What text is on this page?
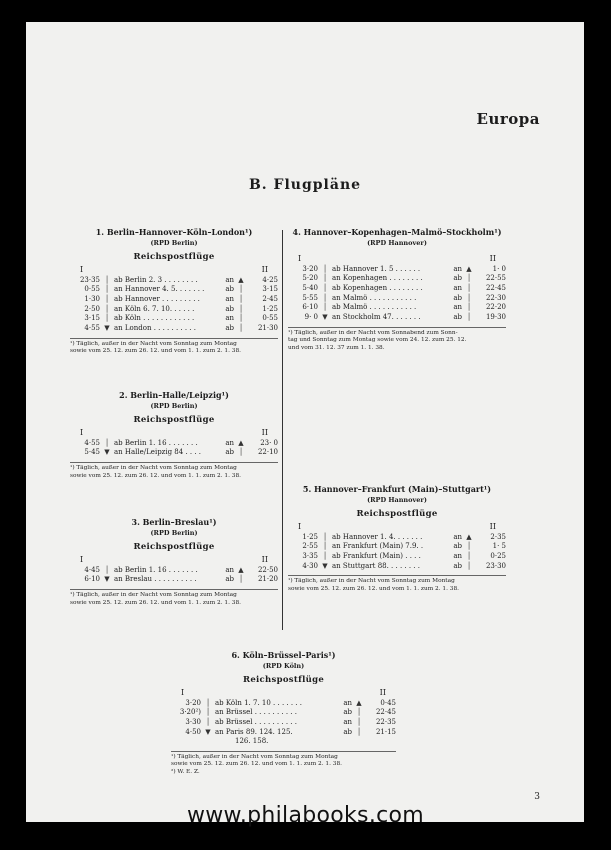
Europa
B. Flugpläne
1. Berlin–Hannover–Köln–London¹)
(RPD Berlin)
Reichspostflüge
I	II
23·35 │ ab Berlin 2. 3 . . . . . . . .	an ▲	4·25
0·55 │ an Hannover 4. 5. . . . . . .	ab │	3·15
1·30 │ ab Hannover . . . . . . . . .	an │	2·45
2·50 │ an Köln 6. 7. 10. . . . . .	ab │	1·25
3·15 │ ab Köln . . . . . . . . . . . .	an │	0·55
4·55 ▼ an London . . . . . . . . . .	ab │	21·30
¹) Täglich, außer in der Nacht vom Sonntag zum Montag
sowie vom 25. 12. zum 26. 12. und vom 1. 1. zum 2. 1. 38.
2. Berlin–Halle/Leipzig¹)
(RPD Berlin)
Reichspostflüge
I	II
4·55 │ ab Berlin 1. 16 . . . . . . .	an ▲	23· 0
5·45 ▼ an Halle/Leipzig 84 . . . .	ab │	22·10
¹) Täglich, außer in der Nacht vom Sonntag zum Montag
sowie vom 25. 12. zum 26. 12. und vom 1. 1. zum 2. 1. 38.
3. Berlin–Breslau¹)
(RPD Berlin)
Reichspostflüge
I	II
4·45 │ ab Berlin 1. 16 . . . . . . .	an ▲	22·50
6·10 ▼ an Breslau . . . . . . . . . .	ab │	21·20
¹) Täglich, außer in der Nacht vom Sonntag zum Montag
sowie vom 25. 12. zum 26. 12. und vom 1. 1. zum 2. 1. 38.
4. Hannover–Kopenhagen–Malmö–Stockholm¹)
(RPD Hannover)
I	II
3·20 │ ab Hannover 1. 5 . . . . . .	an ▲	1· 0
5·20 │ an Kopenhagen . . . . . . . .	ab │	22·55
5·40 │ ab Kopenhagen . . . . . . . .	an │	22·45
5·55 │ an Malmö . . . . . . . . . . .	ab │	22·30
6·10 │ ab Malmö . . . . . . . . . . .	an │	22·20
9· 0 ▼ an Stockholm 47. . . . . . .	ab │	19·30
¹) Täglich, außer in der Nacht vom Sonnabend zum Sonn-
tag und Sonntag zum Montag sowie vom 24. 12. zum 25. 12.
und vom 31. 12. 37 zum 1. 1. 38.
5. Hannover–Frankfurt (Main)–Stuttgart¹)
(RPD Hannover)
Reichspostflüge
I	II
1·25 │ ab Hannover 1. 4. . . . . . .	an ▲	2·35
2·55 │ an Frankfurt (Main) 7.9. .	ab │	1· 5
3·35 │ ab Frankfurt (Main) . . . .	an │	0·25
4·30 ▼ an Stuttgart 88. . . . . . . .	ab │	23·30
¹) Täglich, außer in der Nacht vom Sonntag zum Montag
sowie vom 25. 12. zum 26. 12. und vom 1. 1. zum 2. 1. 38.
6. Köln–Brüssel–Paris¹)
(RPD Köln)
Reichspostflüge
I	II
3·20 │ ab Köln 1. 7. 10 . . . . . . .	an ▲	0·45
3·20²) │ an Brüssel . . . . . . . . . .	ab │	22·45
3·30 │ ab Brüssel . . . . . . . . . .	an │	22·35
4·50 ▼ an Paris 89. 124. 125.	ab │	21·15
126. 158.
¹) Täglich, außer in der Nacht vom Sonntag zum Montag
sowie vom 25. 12. zum 26. 12. und vom 1. 1. zum 2. 1. 38.
²) W. E. Z.
3
www.philabooks.com
